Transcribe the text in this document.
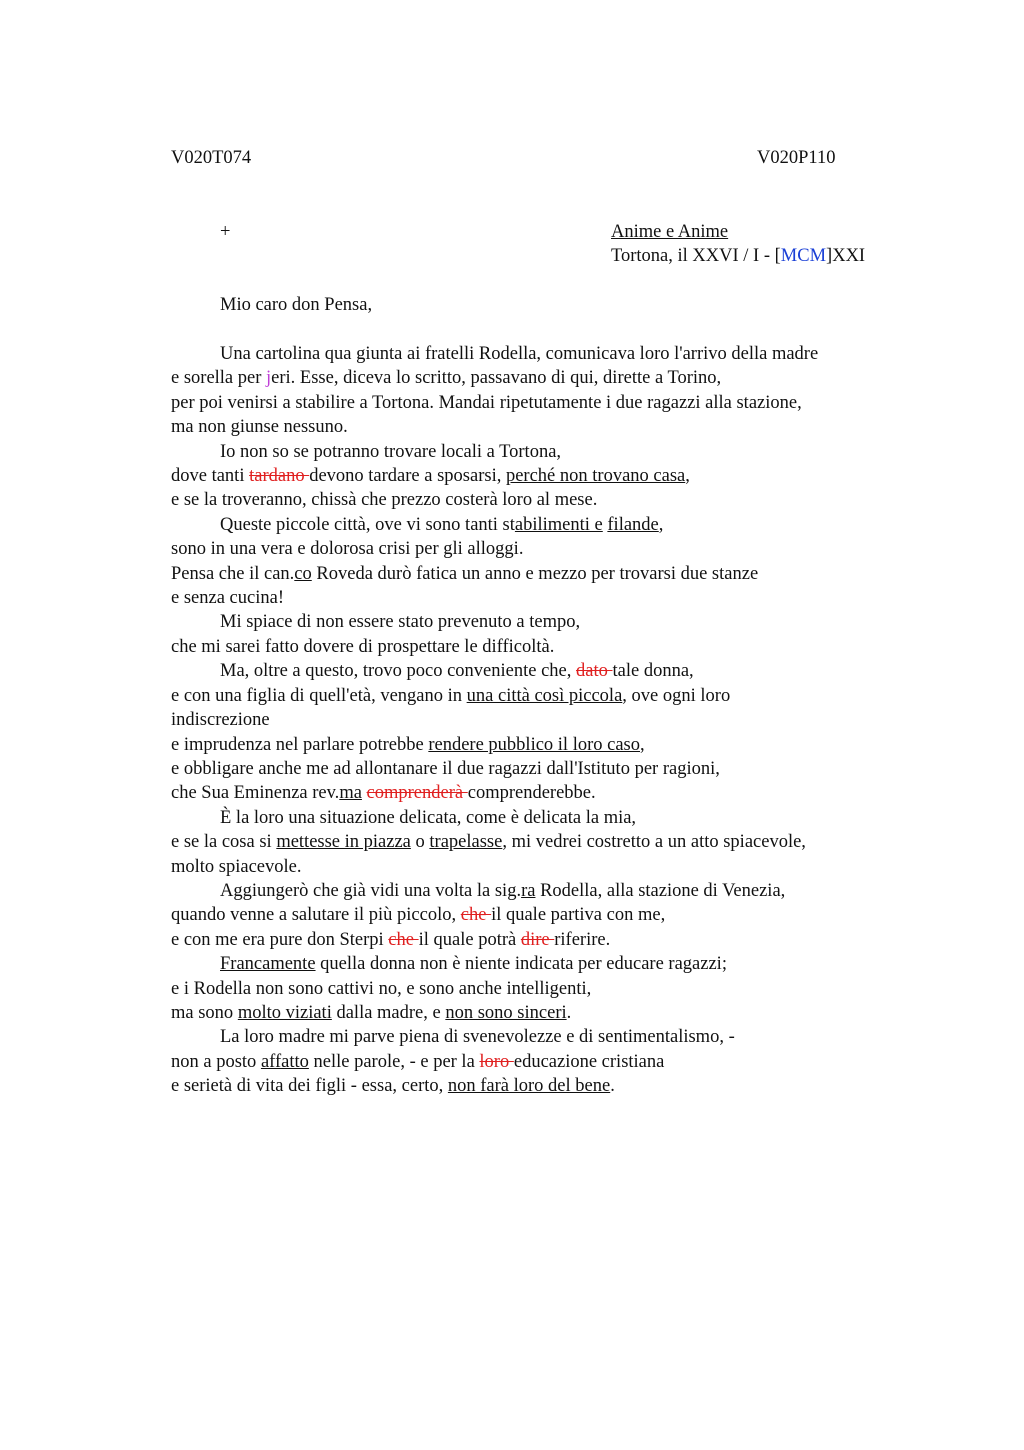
V020T074	V020P110
+	Anime e Anime
Tortona, il XXVI / I - [MCM]XXI
Mio caro don Pensa,
Una cartolina qua giunta ai fratelli Rodella, comunicava loro l'arrivo della madre
e sorella per jeri. Esse, diceva lo scritto, passavano di qui, dirette a Torino,
per poi venirsi a stabilire a Tortona. Mandai ripetutamente i due ragazzi alla stazione,
ma non giunse nessuno.
Io non so se potranno trovare locali a Tortona,
dove tanti tardano devono tardare a sposarsi, perché non trovano casa,
e se la troveranno, chissà che prezzo costerà loro al mese.
Queste piccole città, ove vi sono tanti stabilimenti e filande,
sono in una vera e dolorosa crisi per gli alloggi.
Pensa che il can.co Roveda durò fatica un anno e mezzo per trovarsi due stanze
e senza cucina!
Mi spiace di non essere stato prevenuto a tempo,
che mi sarei fatto dovere di prospettare le difficoltà.
Ma, oltre a questo, trovo poco conveniente che, dato tale donna,
e con una figlia di quell'età, vengano in una città così piccola, ove ogni loro
indiscrezione
e imprudenza nel parlare potrebbe rendere pubblico il loro caso,
e obbligare anche me ad allontanare il due ragazzi dall'Istituto per ragioni,
che Sua Eminenza rev.ma comprenderà comprenderebbe.
È la loro una situazione delicata, come è delicata la mia,
e se la cosa si mettesse in piazza o trapelasse, mi vedrei costretto a un atto spiacevole,
molto spiacevole.
Aggiungerò che già vidi una volta la sig.ra Rodella, alla stazione di Venezia,
quando venne a salutare il più piccolo, che il quale partiva con me,
e con me era pure don Sterpi che il quale potrà dire riferire.
Francamente quella donna non è niente indicata per educare ragazzi;
e i Rodella non sono cattivi no, e sono anche intelligenti,
ma sono molto viziati dalla madre, e non sono sinceri.
La loro madre mi parve piena di svenevolezze e di sentimentalismo, -
non a posto affatto nelle parole, - e per la loro educazione cristiana
e serietà di vita dei figli - essa, certo, non farà loro del bene.
